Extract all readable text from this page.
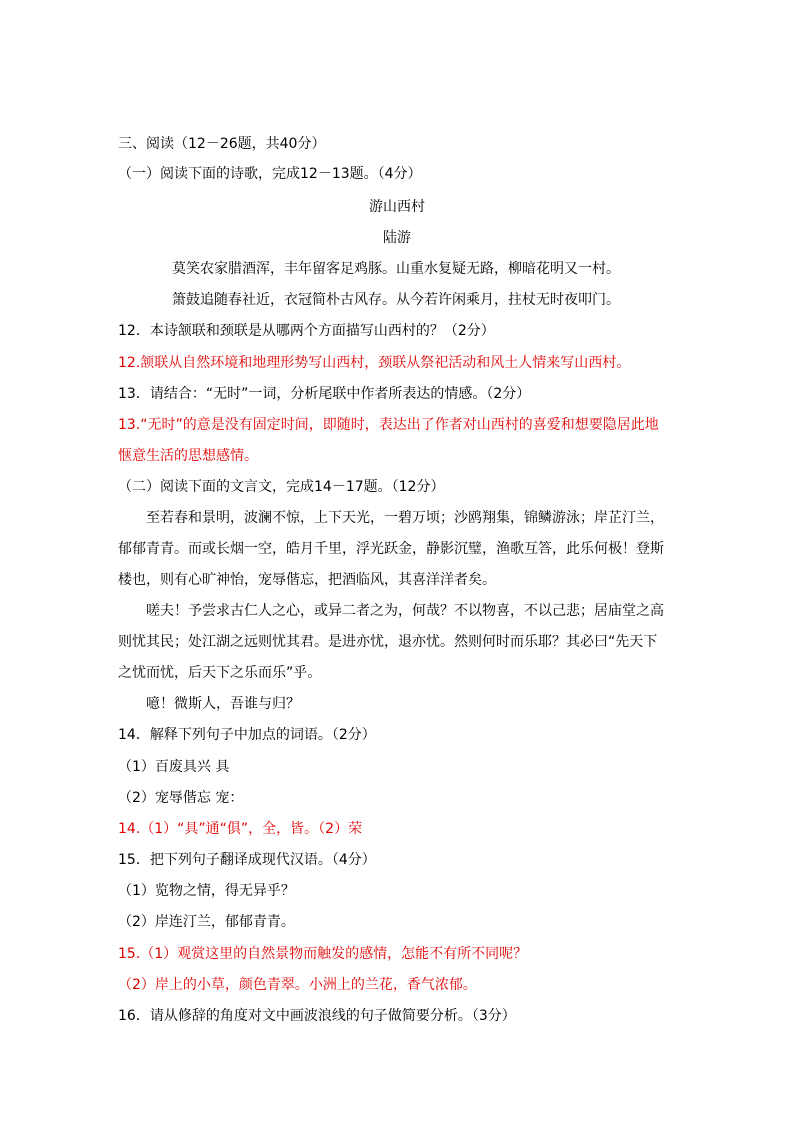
三、阅读（12－26题，共40分）
（一）阅读下面的诗歌，完成12－13题。（4分）
游山西村
陆游
莫笑农家腊酒浑，丰年留客足鸡豚。山重水复疑无路，柳暗花明又一村。
箫鼓追随春社近，衣冠简朴古风存。从今若许闲乘月，拄杖无时夜叩门。
12．本诗颔联和颈联是从哪两个方面描写山西村的？（2分）
12.颔联从自然环境和地理形势写山西村，颈联从祭祀活动和风土人情来写山西村。
13．请结合：“无时”一词，分析尾联中作者所表达的情感。（2分）
13.“无时”的意是没有固定时间，即随时，表达出了作者对山西村的喜爱和想要隐居此地
惬意生活的思想感情。
（二）阅读下面的文言文，完成14－17题。（12分）
至若春和景明，波澜不惊，上下天光，一碧万顷；沙鸥翔集，锦鳞游泳；岸芷汀兰，
郁郁青青。而或长烟一空，皓月千里，浮光跃金，静影沉璧，渔歌互答，此乐何极！登斯
楼也，则有心旷神怡，宠辱偕忘，把酒临风，其喜洋洋者矣。
嗟夫！予尝求古仁人之心，或异二者之为，何哉？不以物喜，不以己悲；居庙堂之高
则忧其民；处江湖之远则忧其君。是进亦忧，退亦忧。然则何时而乐耶？其必曰“先天下
之忧而忧，后天下之乐而乐”乎。
噫！微斯人，吾谁与归？
14．解释下列句子中加点的词语。（2分）
（1）百废具兴 具
（2）宠辱偕忘 宠：
14.（1）“具”通“俱”，全，皆。（2）荣
15．把下列句子翻译成现代汉语。（4分）
（1）览物之情，得无异乎？
（2）岸连汀兰，郁郁青青。
15.（1）观赏这里的自然景物而触发的感情，怎能不有所不同呢？
（2）岸上的小草，颜色青翠。小洲上的兰花，香气浓郁。
16．请从修辞的角度对文中画波浪线的句子做简要分析。（3分）
